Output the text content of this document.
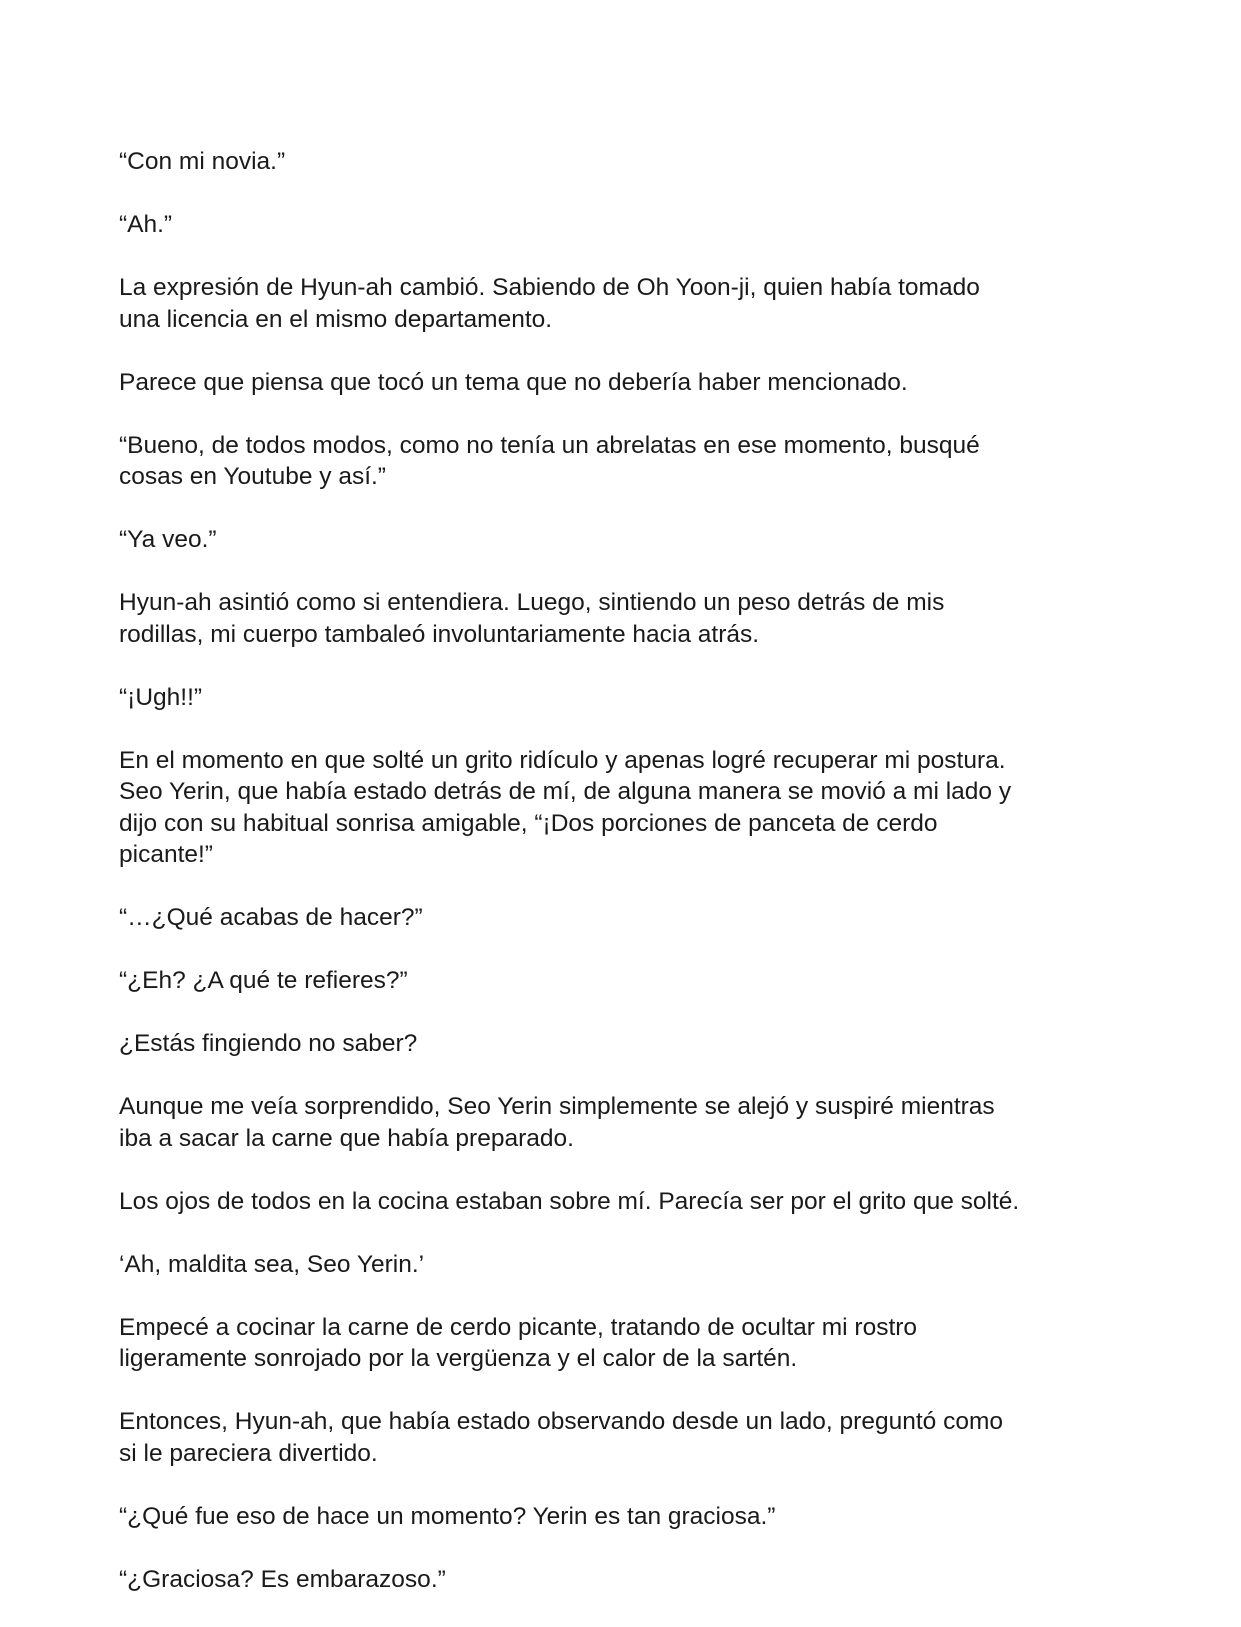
“Con mi novia.”
“Ah.”
La expresión de Hyun-ah cambió. Sabiendo de Oh Yoon-ji, quien había tomado
una licencia en el mismo departamento.
Parece que piensa que tocó un tema que no debería haber mencionado.
“Bueno, de todos modos, como no tenía un abrelatas en ese momento, busqué
cosas en Youtube y así.”
“Ya veo.”
Hyun-ah asintió como si entendiera. Luego, sintiendo un peso detrás de mis
rodillas, mi cuerpo tambaleó involuntariamente hacia atrás.
“¡Ugh!!”
En el momento en que solté un grito ridículo y apenas logré recuperar mi postura.
Seo Yerin, que había estado detrás de mí, de alguna manera se movió a mi lado y
dijo con su habitual sonrisa amigable, “¡Dos porciones de panceta de cerdo
picante!”
“…¿Qué acabas de hacer?”
“¿Eh? ¿A qué te refieres?”
¿Estás fingiendo no saber?
Aunque me veía sorprendido, Seo Yerin simplemente se alejó y suspiré mientras
iba a sacar la carne que había preparado.
Los ojos de todos en la cocina estaban sobre mí. Parecía ser por el grito que solté.
‘Ah, maldita sea, Seo Yerin.’
Empecé a cocinar la carne de cerdo picante, tratando de ocultar mi rostro
ligeramente sonrojado por la vergüenza y el calor de la sartén.
Entonces, Hyun-ah, que había estado observando desde un lado, preguntó como
si le pareciera divertido.
“¿Qué fue eso de hace un momento? Yerin es tan graciosa.”
“¿Graciosa? Es embarazoso.”
